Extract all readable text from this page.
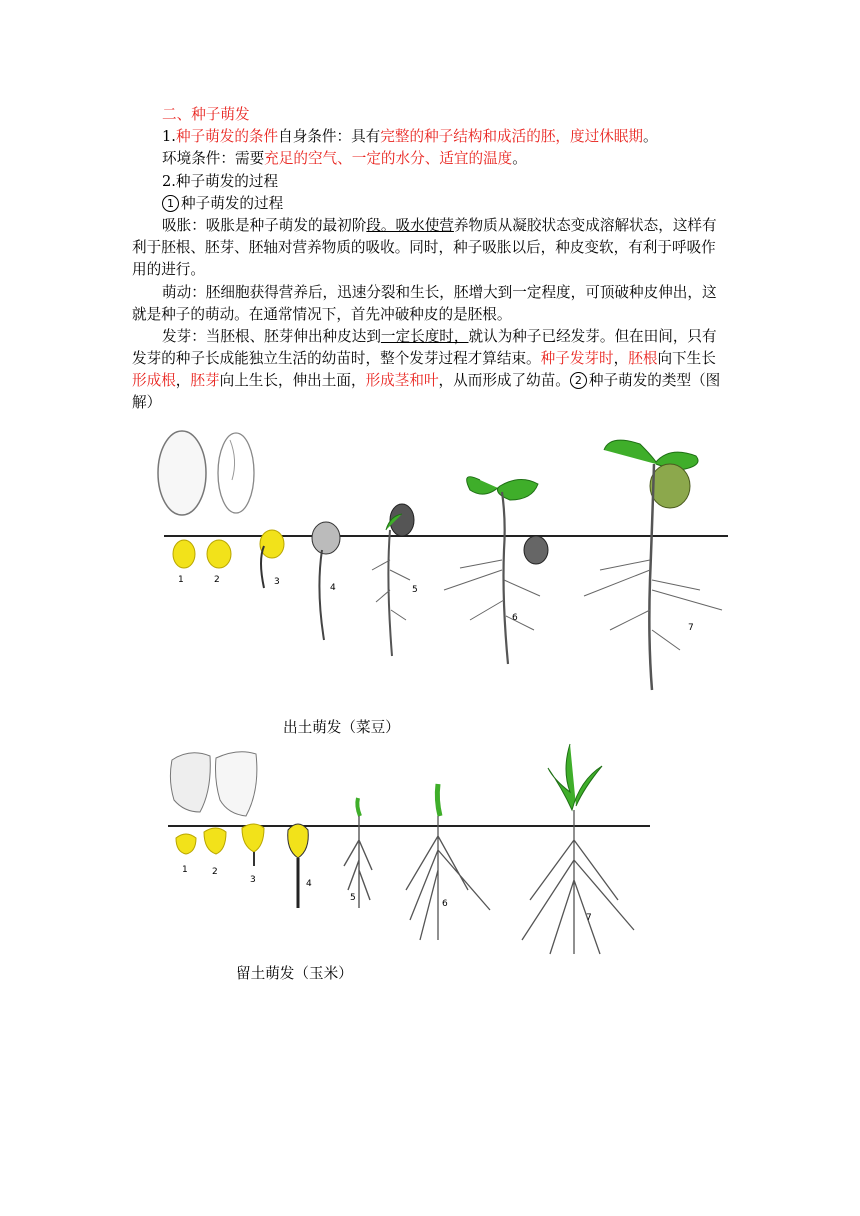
二、种子萌发
1.种子萌发的条件自身条件：具有完整的种子结构和成活的胚，度过休眠期。
环境条件：需要充足的空气、一定的水分、适宜的温度。
2.种子萌发的过程
1 种子萌发的过程
吸胀：吸胀是种子萌发的最初阶段。吸水使营养物质从凝胶状态变成溶解状态，这样有
利于胚根、胚芽、胚轴对营养物质的吸收。同时，种子吸胀以后，种皮变软，有利于呼吸作
用的进行。
萌动：胚细胞获得营养后，迅速分裂和生长，胚增大到一定程度，可顶破种皮伸出，这
就是种子的萌动。在通常情况下，首先冲破种皮的是胚根。
发芽：当胚根、胚芽伸出种皮达到一定长度时，就认为种子已经发芽。但在田间，只有
发芽的种子长成能独立生活的幼苗时，整个发芽过程才算结束。种子发芽时，胚根向下生长
形成根，胚芽向上生长，伸出土面，形成茎和叶，从而形成了幼苗。 2 种子萌发的类型（图
解）
1	2	3
4	5
6
7
出土萌发（菜豆）
1	2
3	4
5
6
7
留土萌发（玉米）
